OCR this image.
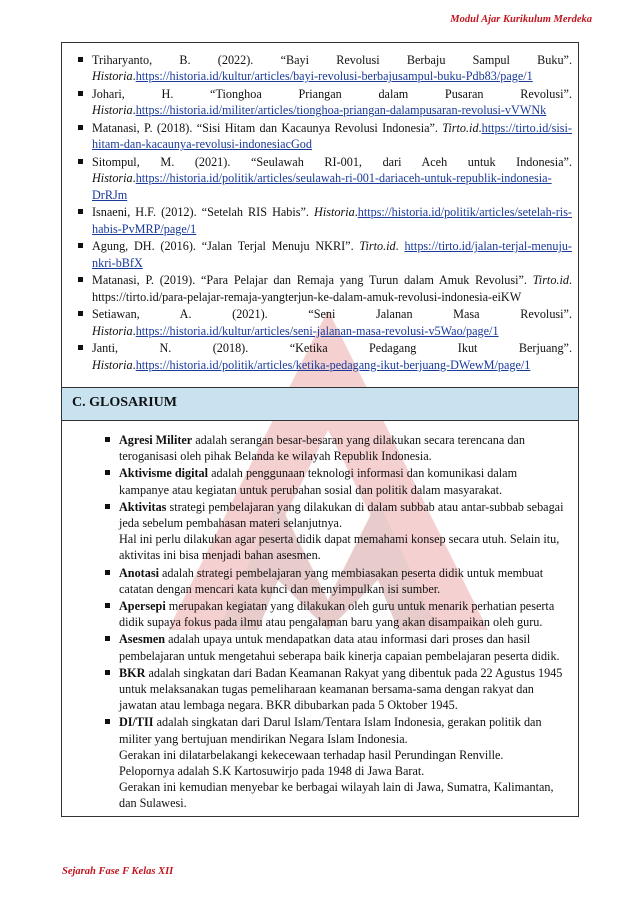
Modul Ajar Kurikulum Merdeka
Triharyanto, B. (2022). “Bayi Revolusi Berbaju Sampul Buku”. Historia.https://historia.id/kultur/articles/bayi-revolusi-berbajusampul-buku-Pdb83/page/1
Johari, H. “Tionghoa Priangan dalam Pusaran Revolusi”. Historia.https://historia.id/militer/articles/tionghoa-priangan-dalampusaran-revolusi-vVWNk
Matanasi, P. (2018). “Sisi Hitam dan Kacaunya Revolusi Indonesia”. Tirto.id.https://tirto.id/sisi-hitam-dan-kacaunya-revolusi-indonesiacGod
Sitompul, M. (2021). “Seulawah RI-001, dari Aceh untuk Indonesia”. Historia.https://historia.id/politik/articles/seulawah-ri-001-dariaceh-untuk-republik-indonesia-DrRJm
Isnaeni, H.F. (2012). “Setelah RIS Habis”. Historia.https://historia.id/politik/articles/setelah-ris-habis-PvMRP/page/1
Agung, DH. (2016). “Jalan Terjal Menuju NKRI”. Tirto.id. https://tirto.id/jalan-terjal-menuju-nkri-bBfX
Matanasi, P. (2019). “Para Pelajar dan Remaja yang Turun dalam Amuk Revolusi”. Tirto.id. https://tirto.id/para-pelajar-remaja-yangterjun-ke-dalam-amuk-revolusi-indonesia-eiKW
Setiawan, A. (2021). “Seni Jalanan Masa Revolusi”. Historia.https://historia.id/kultur/articles/seni-jalanan-masa-revolusi-v5Wao/page/1
Janti, N. (2018). “Ketika Pedagang Ikut Berjuang”. Historia.https://historia.id/politik/articles/ketika-pedagang-ikut-berjuang-DWewM/page/1
C. GLOSARIUM
Agresi Militer adalah serangan besar-besaran yang dilakukan secara terencana dan teroganisasi oleh pihak Belanda ke wilayah Republik Indonesia.
Aktivisme digital adalah penggunaan teknologi informasi dan komunikasi dalam kampanye atau kegiatan untuk perubahan sosial dan politik dalam masyarakat.
Aktivitas strategi pembelajaran yang dilakukan di dalam subbab atau antar-subbab sebagai jeda sebelum pembahasan materi selanjutnya.
Hal ini perlu dilakukan agar peserta didik dapat memahami konsep secara utuh. Selain itu, aktivitas ini bisa menjadi bahan asesmen.
Anotasi adalah strategi pembelajaran yang membiasakan peserta didik untuk membuat catatan dengan mencari kata kunci dan menyimpulkan isi sumber.
Apersepi merupakan kegiatan yang dilakukan oleh guru untuk menarik perhatian peserta didik supaya fokus pada ilmu atau pengalaman baru yang akan disampaikan oleh guru.
Asesmen adalah upaya untuk mendapatkan data atau informasi dari proses dan hasil pembelajaran untuk mengetahui seberapa baik kinerja capaian pembelajaran peserta didik.
BKR adalah singkatan dari Badan Keamanan Rakyat yang dibentuk pada 22 Agustus 1945 untuk melaksanakan tugas pemeliharaan keamanan bersama-sama dengan rakyat dan jawatan atau lembaga negara. BKR dibubarkan pada 5 Oktober 1945.
DI/TII adalah singkatan dari Darul Islam/Tentara Islam Indonesia, gerakan politik dan militer yang bertujuan mendirikan Negara Islam Indonesia.
Gerakan ini dilatarbelakangi kekecewaan terhadap hasil Perundingan Renville.
Pelopornya adalah S.K Kartosuwirjo pada 1948 di Jawa Barat.
Gerakan ini kemudian menyebar ke berbagai wilayah lain di Jawa, Sumatra, Kalimantan, dan Sulawesi.
Sejarah Fase F Kelas XII
